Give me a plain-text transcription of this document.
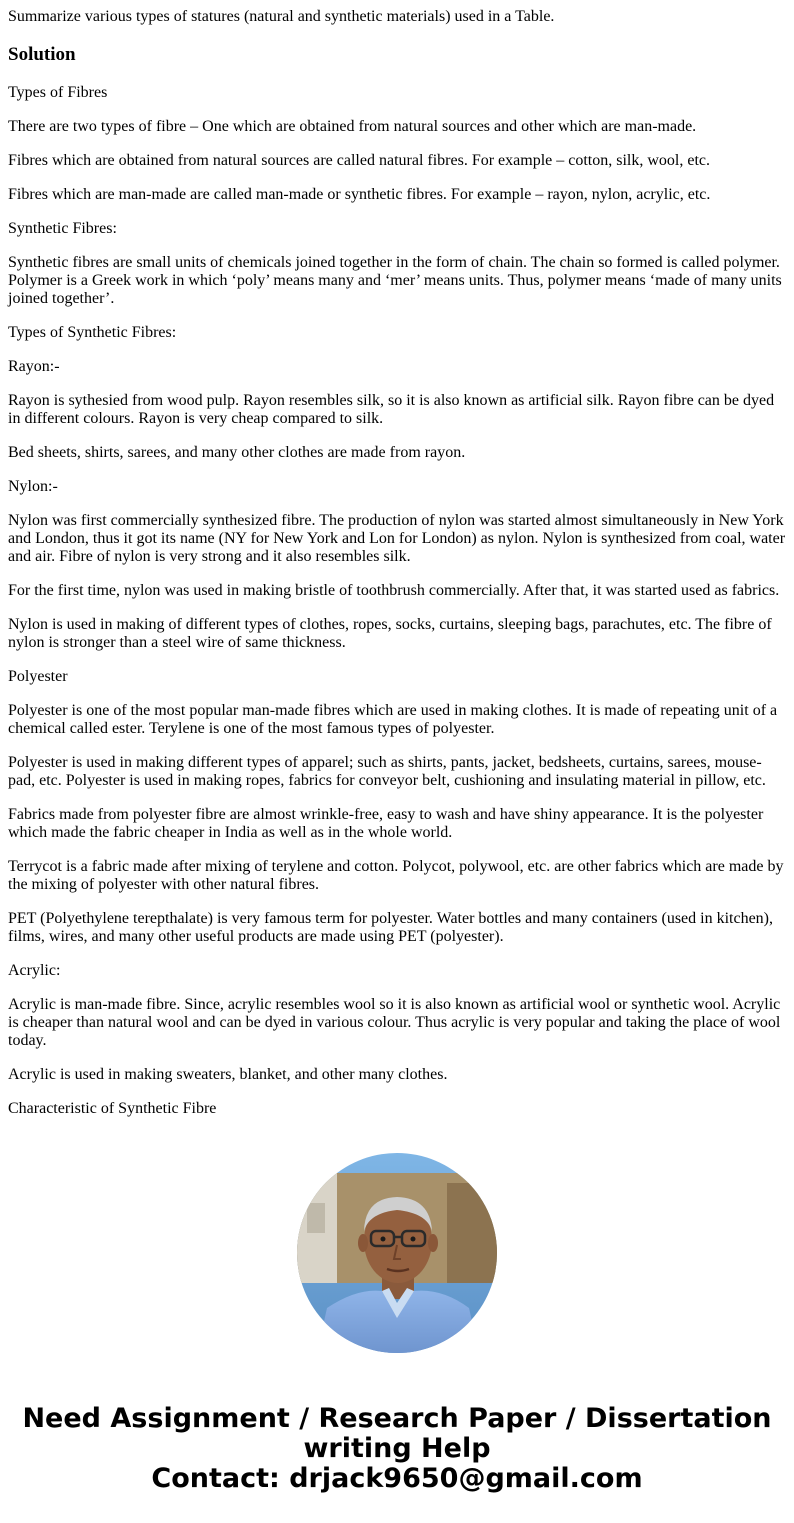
Summarize various types of statures (natural and synthetic materials) used in a Table.

Solution

Types of Fibres

There are two types of fibre – One which are obtained from natural sources and other which are man-made.

Fibres which are obtained from natural sources are called natural fibres. For example – cotton, silk, wool, etc.

Fibres which are man-made are called man-made or synthetic fibres. For example – rayon, nylon, acrylic, etc.

Synthetic Fibres:

Synthetic fibres are small units of chemicals joined together in the form of chain. The chain so formed is called polymer. Polymer is a Greek work in which ‘poly’ means many and ‘mer’ means units. Thus, polymer means ‘made of many units joined together’.

Types of Synthetic Fibres:

Rayon:-

Rayon is sythesied from wood pulp. Rayon resembles silk, so it is also known as artificial silk. Rayon fibre can be dyed in different colours. Rayon is very cheap compared to silk.

Bed sheets, shirts, sarees, and many other clothes are made from rayon.

Nylon:-

Nylon was first commercially synthesized fibre. The production of nylon was started almost simultaneously in New York and London, thus it got its name (NY for New York and Lon for London) as nylon. Nylon is synthesized from coal, water and air. Fibre of nylon is very strong and it also resembles silk.

For the first time, nylon was used in making bristle of toothbrush commercially. After that, it was started used as fabrics.

Nylon is used in making of different types of clothes, ropes, socks, curtains, sleeping bags, parachutes, etc. The fibre of nylon is stronger than a steel wire of same thickness.

Polyester

Polyester is one of the most popular man-made fibres which are used in making clothes. It is made of repeating unit of a chemical called ester. Terylene is one of the most famous types of polyester.

Polyester is used in making different types of apparel; such as shirts, pants, jacket, bedsheets, curtains, sarees, mouse-pad, etc. Polyester is used in making ropes, fabrics for conveyor belt, cushioning and insulating material in pillow, etc.

Fabrics made from polyester fibre are almost wrinkle-free, easy to wash and have shiny appearance. It is the polyester which made the fabric cheaper in India as well as in the whole world.

Terrycot is a fabric made after mixing of terylene and cotton. Polycot, polywool, etc. are other fabrics which are made by the mixing of polyester with other natural fibres.

PET (Polyethylene terepthalate) is very famous term for polyester. Water bottles and many containers (used in kitchen), films, wires, and many other useful products are made using PET (polyester).

Acrylic:

Acrylic is man-made fibre. Since, acrylic resembles wool so it is also known as artificial wool or synthetic wool. Acrylic is cheaper than natural wool and can be dyed in various colour. Thus acrylic is very popular and taking the place of wool today.

Acrylic is used in making sweaters, blanket, and other many clothes.

Characteristic of Synthetic Fibre

Need Assignment / Research Paper / Dissertation
writing Help
Contact: drjack9650@gmail.com
